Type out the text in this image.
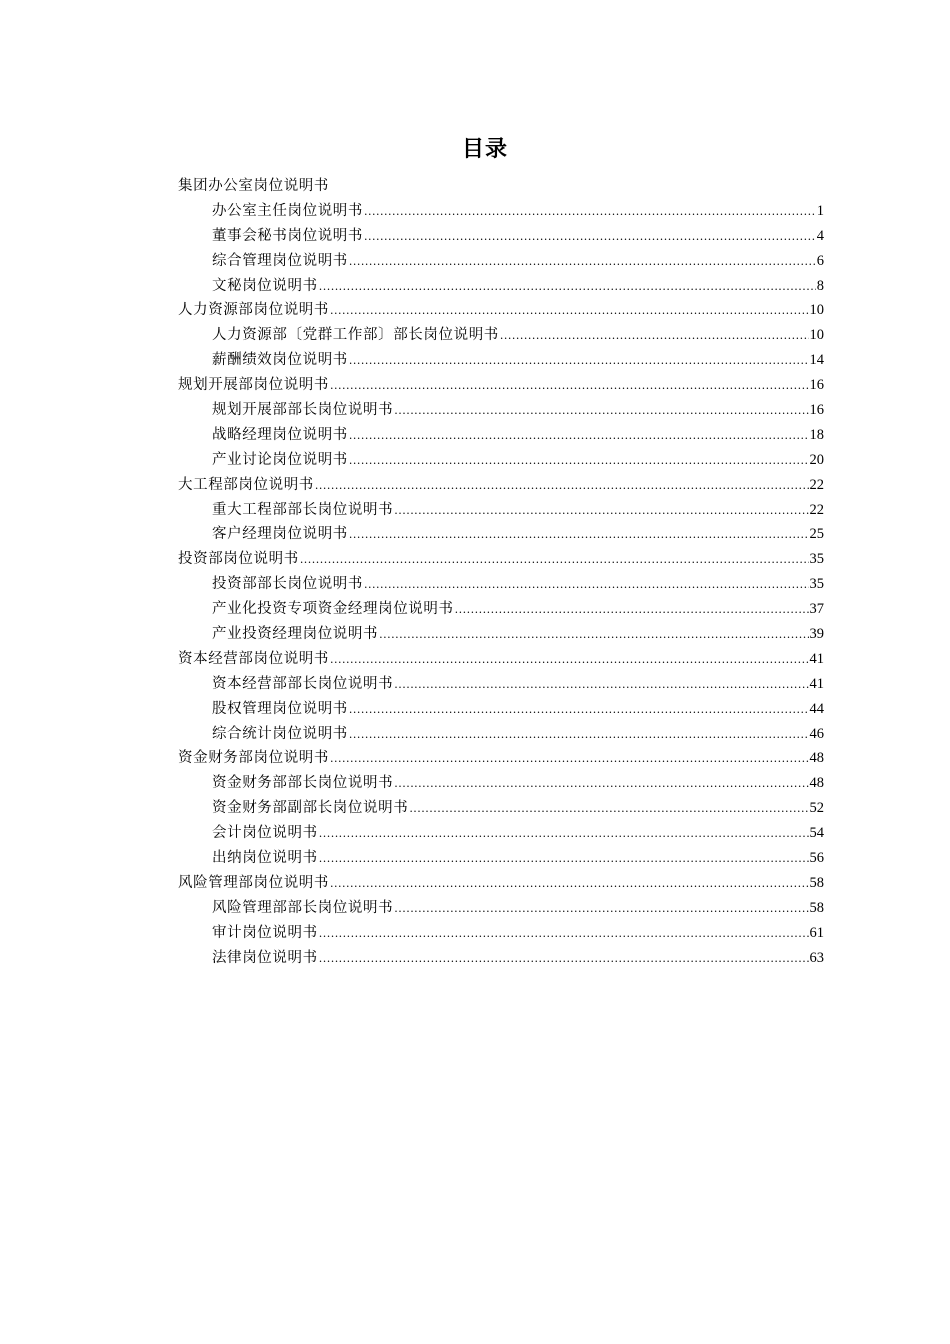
目录
集团办公室岗位说明书
办公室主任岗位说明书 .....	1
董事会秘书岗位说明书 .....	4
综合管理岗位说明书 .....	6
文秘岗位说明书 .....	8
人力资源部岗位说明书 .....	10
人力资源部〔党群工作部〕部长岗位说明书 .....	10
薪酬绩效岗位说明书 .....	14
规划开展部岗位说明书 .....	16
规划开展部部长岗位说明书 .....	16
战略经理岗位说明书 .....	18
产业讨论岗位说明书 .....	20
大工程部岗位说明书 .....	22
重大工程部部长岗位说明书 .....	22
客户经理岗位说明书 .....	25
投资部岗位说明书 .....	35
投资部部长岗位说明书 .....	35
产业化投资专项资金经理岗位说明书 .....	37
产业投资经理岗位说明书 .....	39
资本经营部岗位说明书 .....	41
资本经营部部长岗位说明书 .....	41
股权管理岗位说明书 .....	44
综合统计岗位说明书 .....	46
资金财务部岗位说明书 .....	48
资金财务部部长岗位说明书 .....	48
资金财务部副部长岗位说明书 .....	52
会计岗位说明书 .....	54
出纳岗位说明书 .....	56
风险管理部岗位说明书 .....	58
风险管理部部长岗位说明书 .....	58
审计岗位说明书 .....	61
法律岗位说明书 .....	63
